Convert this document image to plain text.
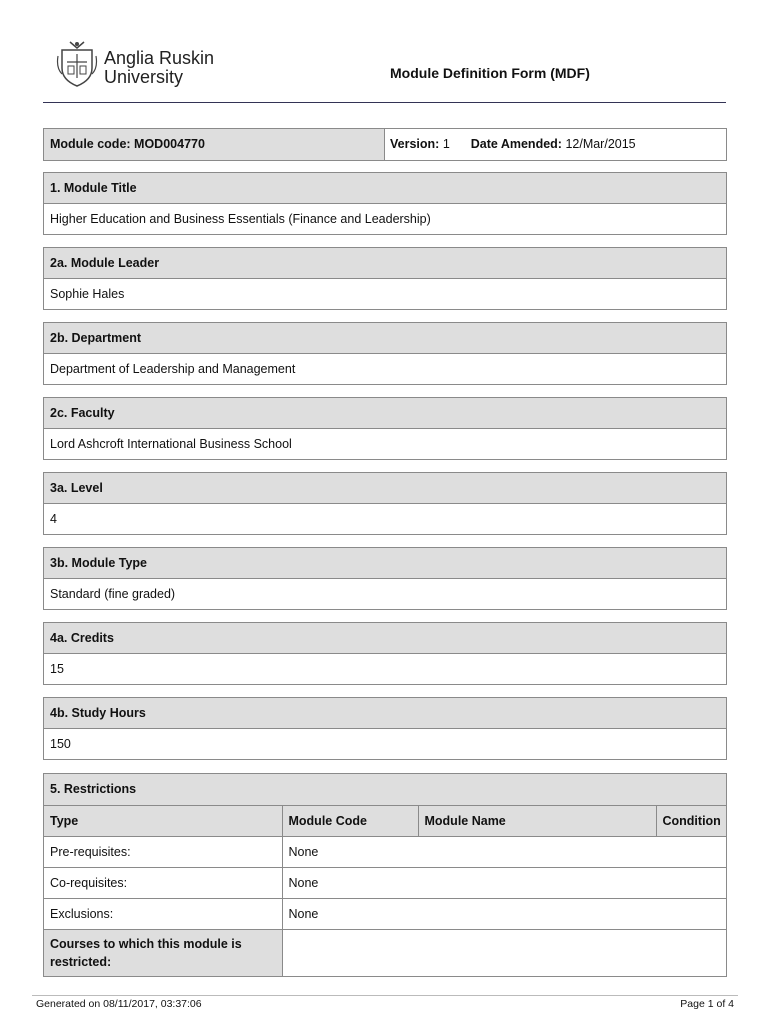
Anglia Ruskin
University	Module Definition Form (MDF)
Module code: MOD004770	Version: 1 Date Amended: 12/Mar/2015
1. Module Title
Higher Education and Business Essentials (Finance and Leadership)
2a. Module Leader
Sophie Hales
2b. Department
Department of Leadership and Management
2c. Faculty
Lord Ashcroft International Business School
3a. Level
4
3b. Module Type
Standard (fine graded)
4a. Credits
15
4b. Study Hours
150
5. Restrictions
Type	Module Code	Module Name	Condition
Pre-requisites:	None		
Co-requisites:	None		
Exclusions:	None		
Courses to which this module is restricted:			
Generated on 08/11/2017, 03:37:06	Page 1 of 4
